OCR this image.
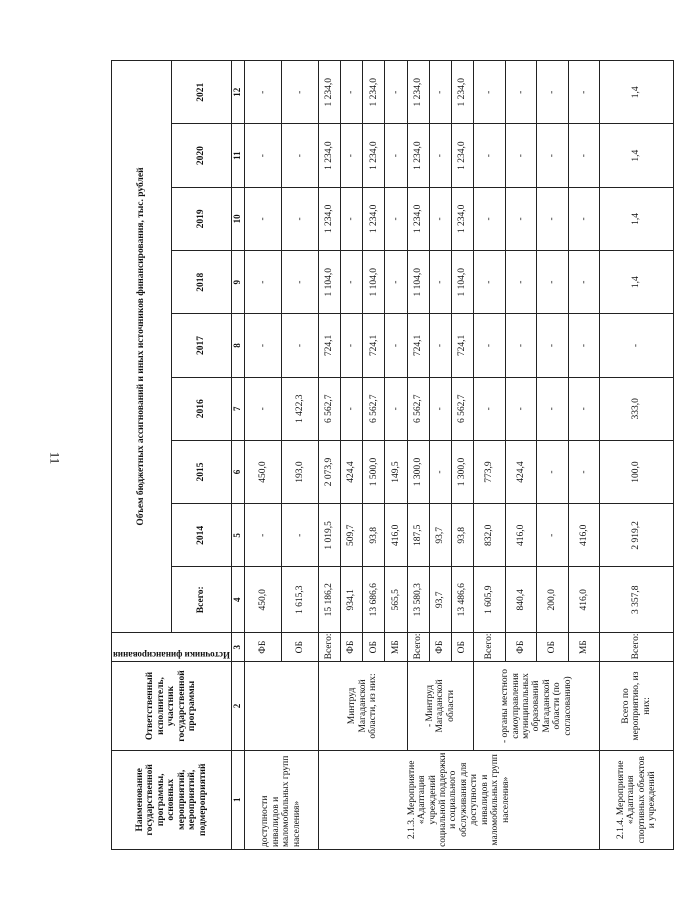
11
Наименование государственной программы, основных мероприятий, мероприятий, подмероприятий	Ответственный исполнитель, участник государственной программы	Источники финансирования	Объем бюджетных ассигнований и иных источников финансирования, тыс. рублей								
			Всего:	2014	2015	2016	2017	2018	2019	2020	2021
1	2	3	4	5	6	7	8	9	10	11	12
доступности инвалидов и маломобильных групп населения»		ФБ	450,0	-	450,0	-	-	-	-	-	-
		ОБ	1 615,3	-	193,0	1 422,3	-	-	-	-	-
2.1.3. Мероприятие «Адаптация учреждений социальной поддержки и социального обслуживания для доступности инвалидов и маломобильных групп населения»	Минтруд Магаданской области, из них:	Всего:	15 186,2	1 019,5	2 073,9	6 562,7	724,1	1 104,0	1 234,0	1 234,0	1 234,0
		ФБ	934,1	509,7	424,4	-	-	-	-	-	-
		ОБ	13 686,6	93,8	1 500,0	6 562,7	724,1	1 104,0	1 234,0	1 234,0	1 234,0
		МБ	565,5	416,0	149,5	-	-	-	-	-	-
	- Минтруд Магаданской области	Всего:	13 580,3	187,5	1 300,0	6 562,7	724,1	1 104,0	1 234,0	1 234,0	1 234,0
		ФБ	93,7	93,7	-	-	-	-	-	-	-
		ОБ	13 486,6	93,8	1 300,0	6 562,7	724,1	1 104,0	1 234,0	1 234,0	1 234,0
	- органы местного самоуправления муниципальных образований Магаданской области (по согласованию)	Всего:	1 605,9	832,0	773,9	-	-	-	-	-	-
		ФБ	840,4	416,0	424,4	-	-	-	-	-	-
		ОБ	200,0	-	-	-	-	-	-	-	-
		МБ	416,0	416,0	-	-	-	-	-	-	-
2.1.4. Мероприятие «Адаптация спортивных объектов и учреждений	Всего по мероприятию, из них:	Всего:	3 357,8	2 919,2	100,0	333,0	-	1,4	1,4	1,4	1,4
